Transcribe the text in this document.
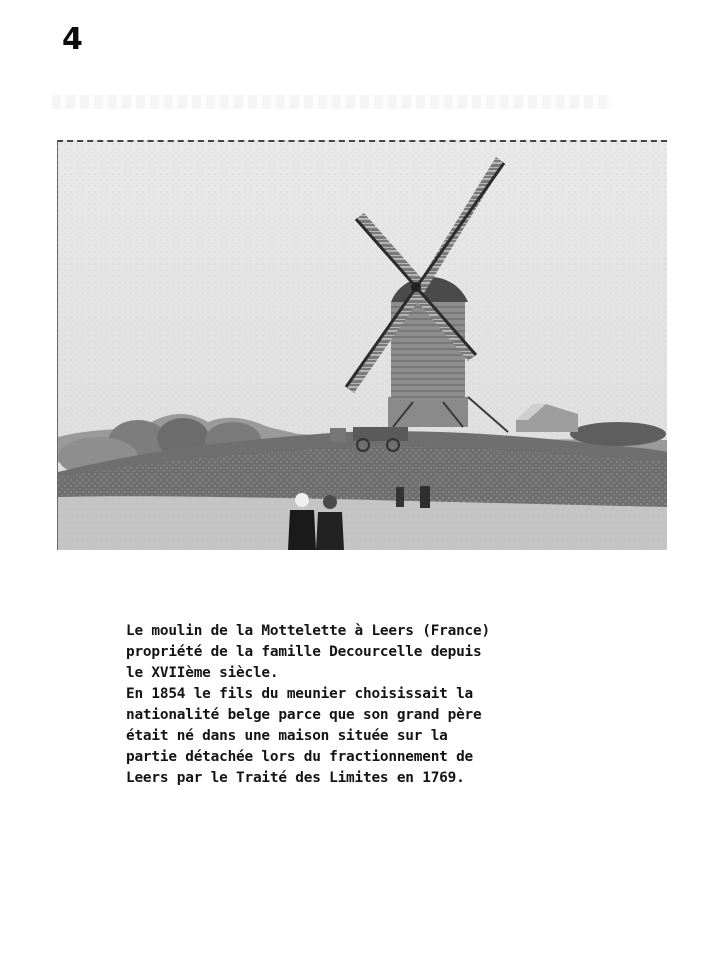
4
Le moulin de la Mottelette à Leers (France)
propriété de la famille Decourcelle depuis
le XVIIème siècle.
En 1854 le fils du meunier choisissait la
nationalité belge parce que son grand père
était né dans une maison située sur la
partie détachée lors du fractionnement de
Leers par le Traité des Limites en 1769.
